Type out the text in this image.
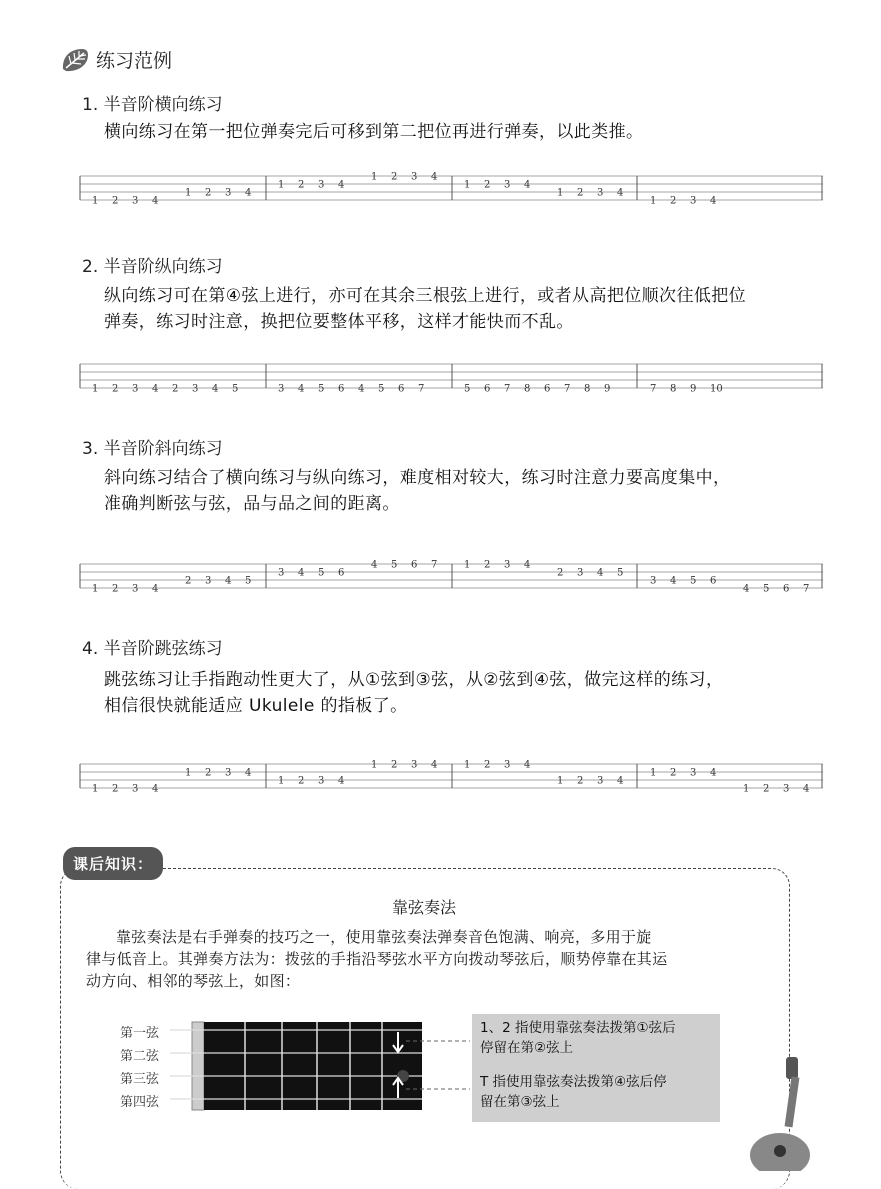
练习范例
1. 半音阶横向练习
横向练习在第一把位弹奏完后可移到第二把位再进行弹奏，以此类推。
1 2 3 4
1 2 3 4
1 2 3 4
1 2 3 4
1 2 3 4
1 2 3 4
1 2 3 4
2. 半音阶纵向练习
纵向练习可在第④弦上进行，亦可在其余三根弦上进行，或者从高把位顺次往低把位
弹奏，练习时注意，换把位要整体平移，这样才能快而不乱。
1 2 3 4 2 3 4 5	3 4 5 6 4 5 6 7	5 6 7 8 6 7 8 9	7 8 9 10
3. 半音阶斜向练习
斜向练习结合了横向练习与纵向练习，难度相对较大，练习时注意力要高度集中，
准确判断弦与弦，品与品之间的距离。
1 2 3 4
2 3 4 5
3 4 5 6
4 5 6 7	1 2 3 4
2 3 4 5
3 4 5 6
4 5 6 7
4. 半音阶跳弦练习
跳弦练习让手指跑动性更大了，从①弦到③弦，从②弦到④弦，做完这样的练习，
相信很快就能适应 Ukulele 的指板了。
1 2 3 4
1 2 3 4
1 2 3 4
1 2 3 4	1 2 3 4
1 2 3 4
1 2 3 4
1 2 3 4
课后知识：
靠弦奏法
靠弦奏法是右手弹奏的技巧之一，使用靠弦奏法弹奏音色饱满、响亮，多用于旋
律与低音上。其弹奏方法为：拨弦的手指沿琴弦水平方向拨动琴弦后，顺势停靠在其运
动方向、相邻的琴弦上，如图：
第一弦
第二弦
第三弦
第四弦
1、2 指使用靠弦奏法拨第①弦后
停留在第②弦上
T 指使用靠弦奏法拨第④弦后停
留在第③弦上
